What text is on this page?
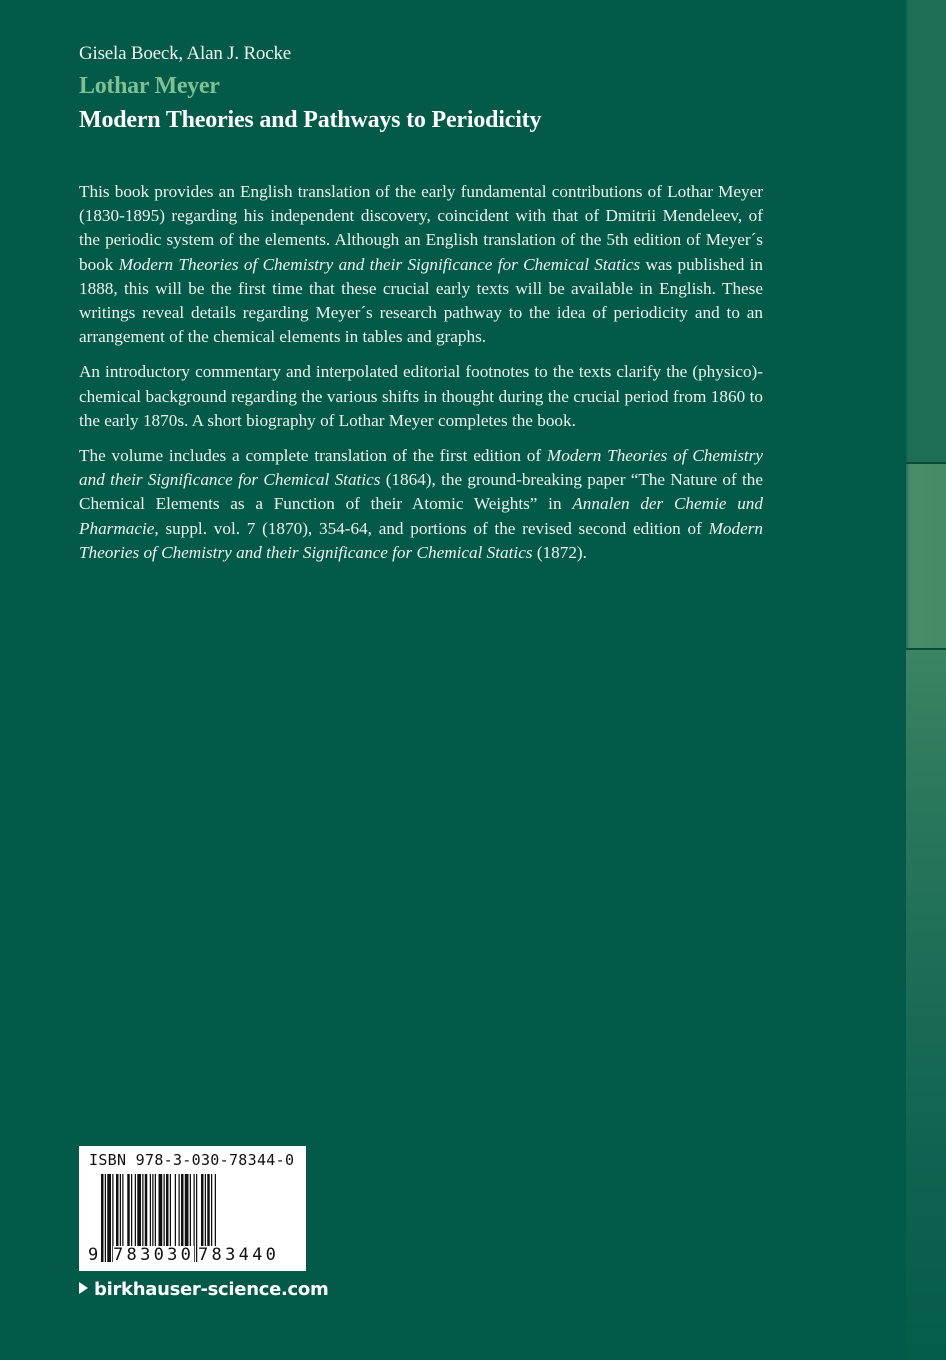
Gisela Boeck, Alan J. Rocke
Lothar Meyer
Modern Theories and Pathways to Periodicity

This book provides an English translation of the early fundamental contributions of Lothar Meyer (1830-1895) regarding his independent discovery, coincident with that of Dmitrii Mendeleev, of the periodic system of the elements. Although an English translation of the 5th edition of Meyer´s book Modern Theories of Chemistry and their Significance for Chemical Statics was published in 1888, this will be the first time that these crucial early texts will be available in English. These writings reveal details regarding Meyer´s research pathway to the idea of periodicity and to an arrangement of the chemical elements in tables and graphs.

An introductory commentary and interpolated editorial footnotes to the texts clarify the (physico)-chemical background regarding the various shifts in thought during the crucial period from 1860 to the early 1870s. A short biography of Lothar Meyer completes the book.

The volume includes a complete translation of the first edition of Modern Theories of Chemistry and their Significance for Chemical Statics (1864), the ground-breaking paper “The Nature of the Chemical Elements as a Function of their Atomic Weights” in Annalen der Chemie und Pharmacie, suppl. vol. 7 (1870), 354-64, and portions of the revised second edition of Modern Theories of Chemistry and their Significance for Chemical Statics (1872).

ISBN 978-3-030-78344-0
9 783030 783440
birkhauser-science.com
